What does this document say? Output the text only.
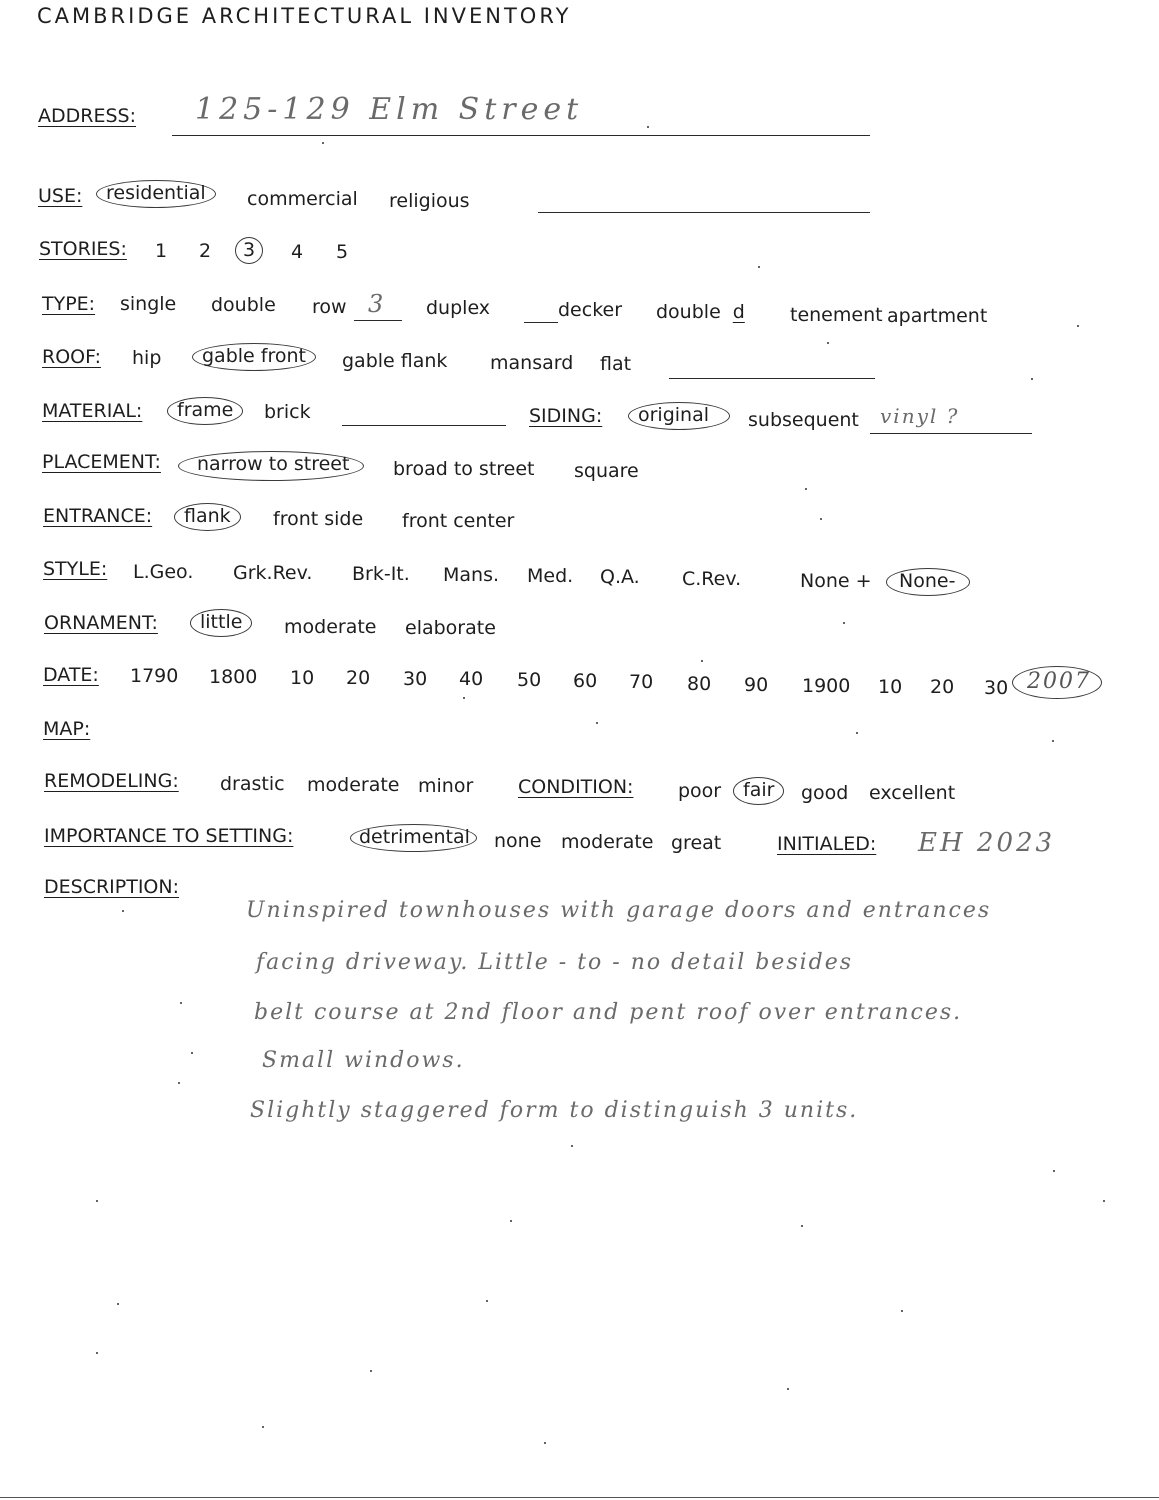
CAMBRIDGE ARCHITECTURAL INVENTORY
ADDRESS: 125-129 Elm Street
USE:	residential	commercial religious
STORIES: 1 2	3	4 5
TYPE: single double row 3 duplex	decker double d tenement apartment
ROOF: hip	gable front	gable flank mansard flat
MATERIAL:	frame	brick	SIDING:	original	subsequent vinyl ?
PLACEMENT:	narrow to street	broad to street square
ENTRANCE:	flank	front side front center
STYLE: L.Geo. Grk.Rev. Brk-It. Mans. Med. Q.A. C.Rev.	None +	None-
ORNAMENT:	little	moderate elaborate
DATE: 1790 1800 10 20 30 40 50 60 70 80 90 1900 10 20 30 2007
MAP:
REMODELING: drastic moderate minor CONDITION: poor	fair	good excellent
IMPORTANCE TO SETTING:	detrimental	none moderate great	INITIALED: EH 2023
DESCRIPTION:
Uninspired townhouses with garage doors and entrances
facing driveway. Little - to - no detail besides
belt course at 2nd floor and pent roof over entrances.
Small windows.
Slightly staggered form to distinguish 3 units.
